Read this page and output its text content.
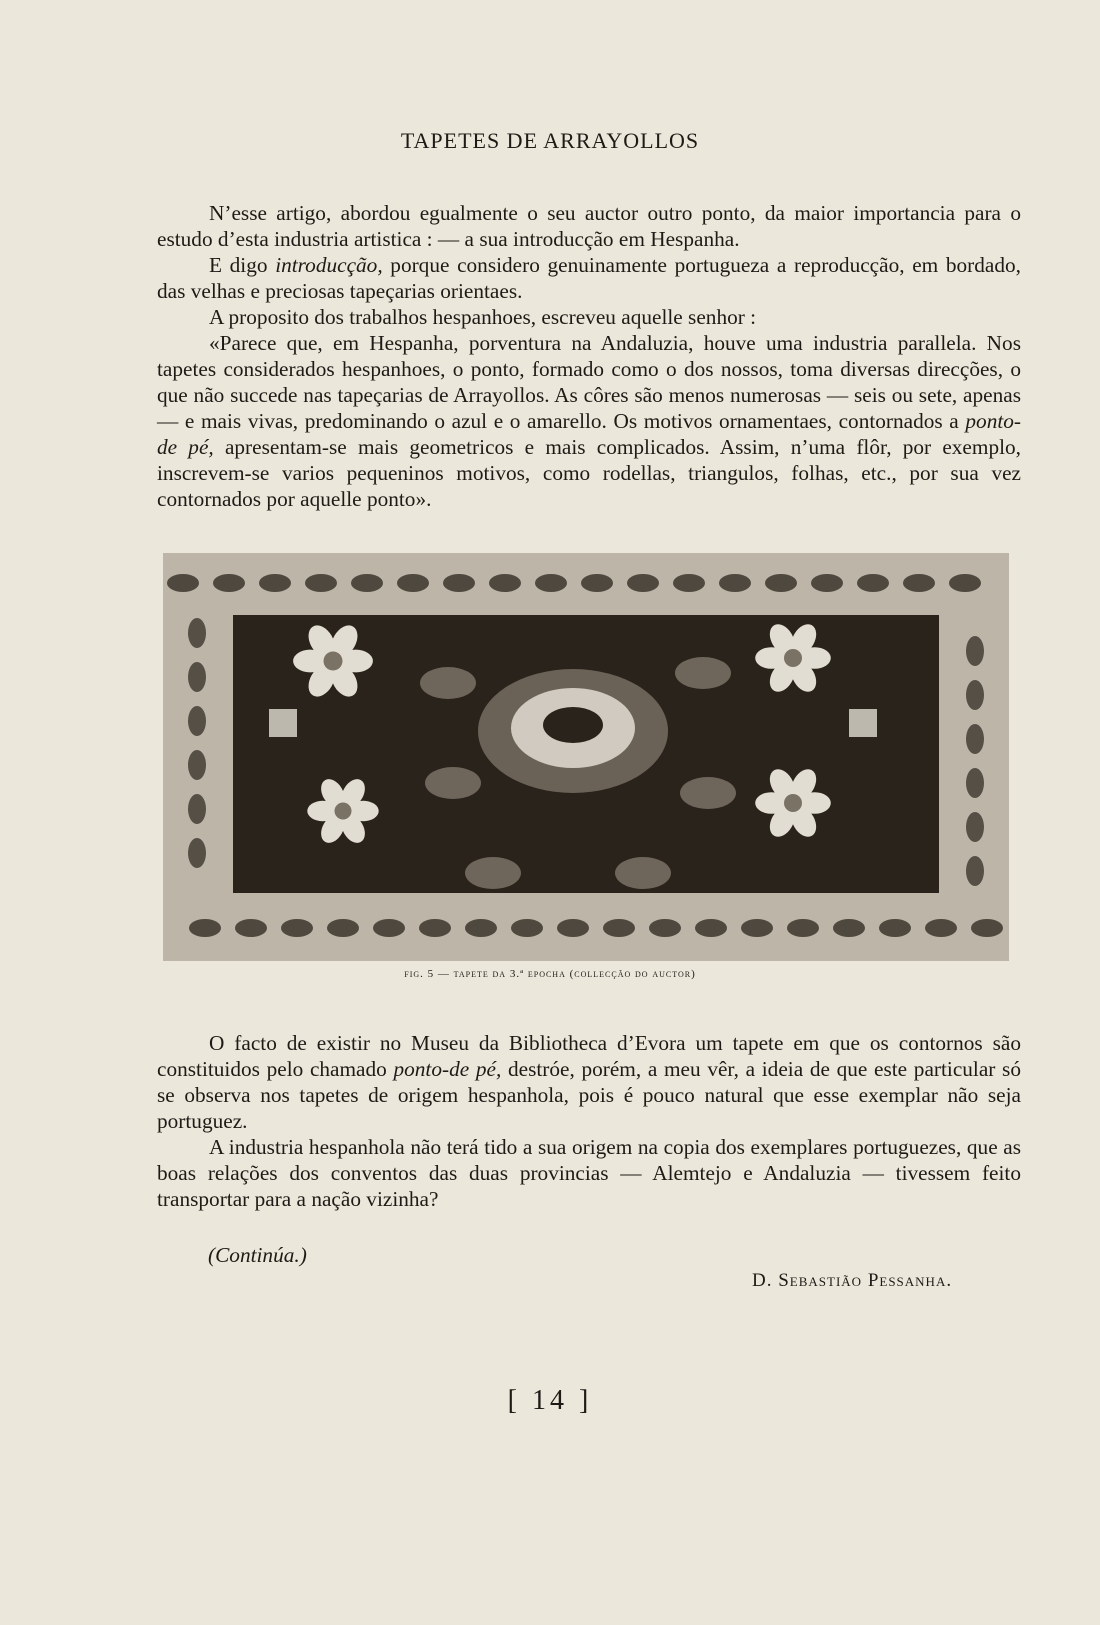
TAPETES DE ARRAYOLLOS

N’esse artigo, abordou egualmente o seu auctor outro ponto, da maior importancia para o estudo d’esta industria artistica : — a sua introducção em Hespanha.

E digo introducção, porque considero genuinamente portugueza a reproducção, em bordado, das velhas e preciosas tapeçarias orientaes.

A proposito dos trabalhos hespanhoes, escreveu aquelle senhor :

«Parece que, em Hespanha, porventura na Andaluzia, houve uma industria parallela. Nos tapetes considerados hespanhoes, o ponto, formado como o dos nossos, toma diversas direcções, o que não succede nas tapeçarias de Arrayollos. As côres são menos numerosas — seis ou sete, apenas — e mais vivas, predominando o azul e o amarello. Os motivos ornamentaes, contornados a ponto-de pé, apresentam-se mais geometricos e mais complicados. Assim, n’uma flôr, por exemplo, inscrevem-se varios pequeninos motivos, como rodellas, triangulos, folhas, etc., por sua vez contornados por aquelle ponto».

fig. 5 — tapete da 3.ª epocha (collecção do auctor)

O facto de existir no Museu da Bibliotheca d’Evora um tapete em que os contornos são constituidos pelo chamado ponto-de pé, destróe, porém, a meu vêr, a ideia de que este particular só se observa nos tapetes de origem hespanhola, pois é pouco natural que esse exemplar não seja portuguez.

A industria hespanhola não terá tido a sua origem na copia dos exemplares portuguezes, que as boas relações dos conventos das duas provincias — Alemtejo e Andaluzia — tivessem feito transportar para a nação vizinha?

(Continúa.)
D. Sebastião Pessanha.
[ 14 ]
